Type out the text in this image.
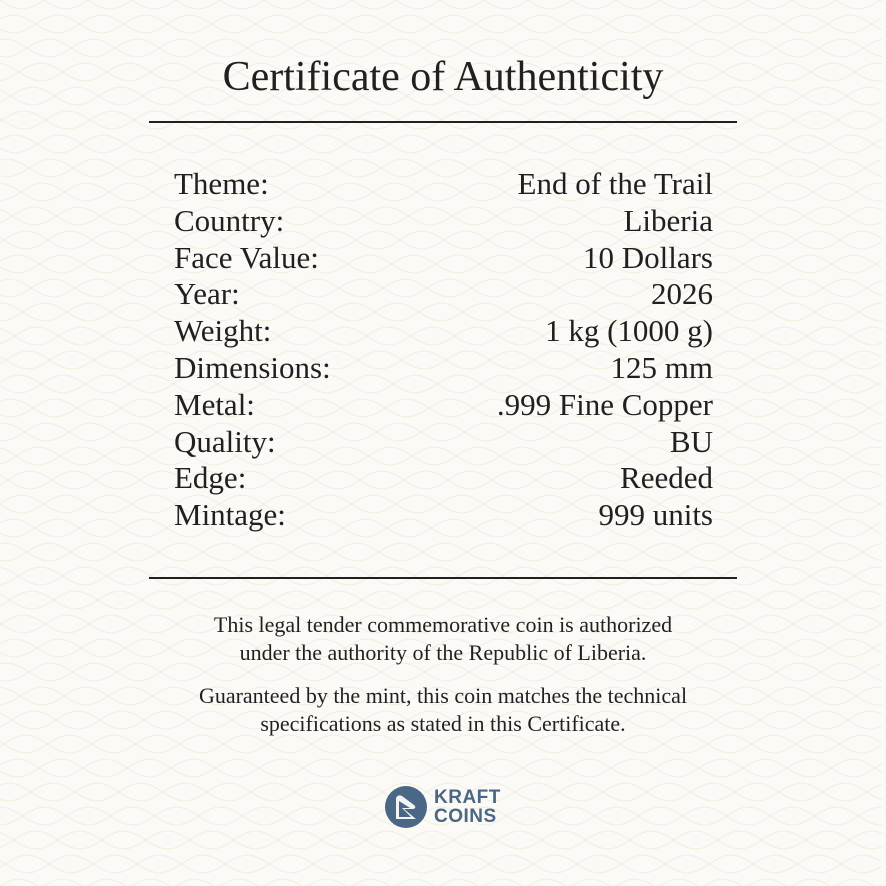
Certificate of Authenticity
Theme:	End of the Trail
Country:	Liberia
Face Value:	10 Dollars
Year:	2026
Weight:	1 kg (1000 g)
Dimensions:	125 mm
Metal:	.999 Fine Copper
Quality:	BU
Edge:	Reeded
Mintage:	999 units
This legal tender commemorative coin is authorized
under the authority of the Republic of Liberia.
Guaranteed by the mint, this coin matches the technical
specifications as stated in this Certificate.
KRAFT
COINS
